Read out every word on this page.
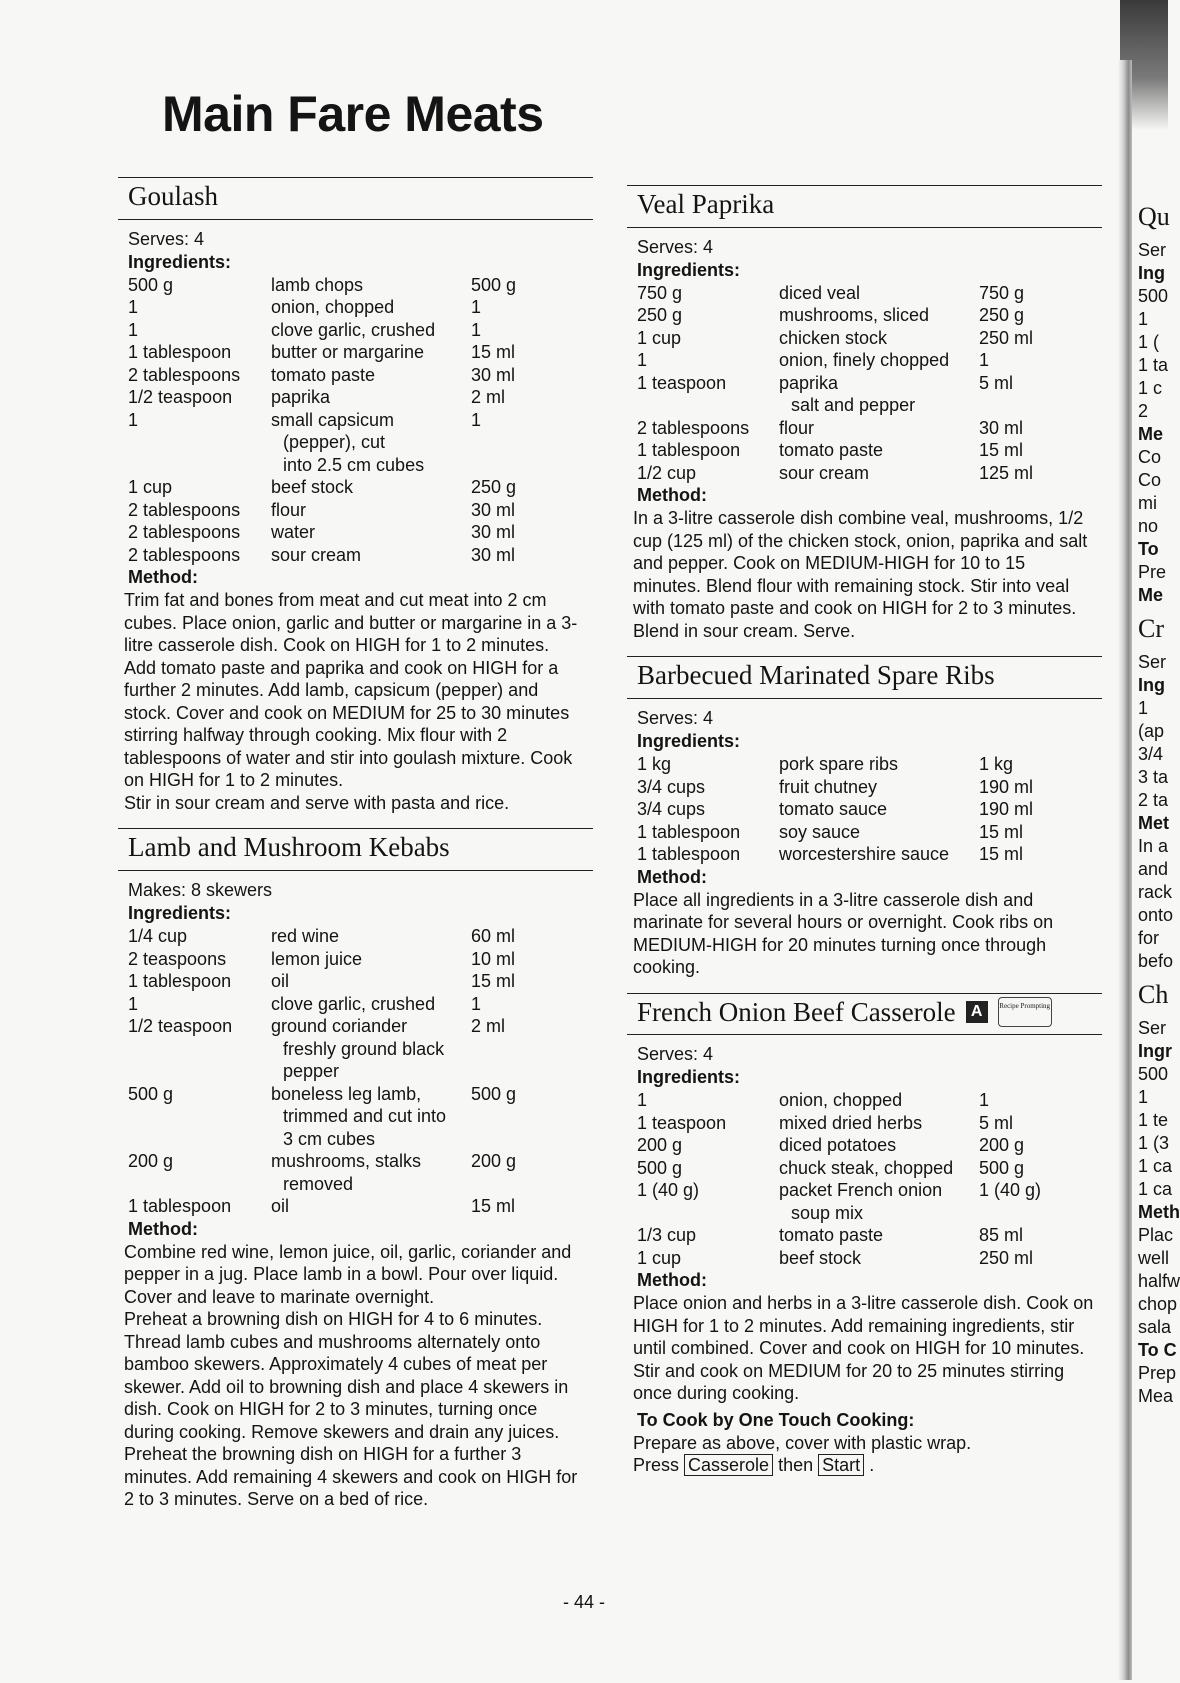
Main Fare Meats
Goulash
Serves: 4
Ingredients:
500 g	lamb chops	500 g
1	onion, chopped	1
1	clove garlic, crushed	1
1 tablespoon	butter or margarine	15 ml
2 tablespoons	tomato paste	30 ml
1/2 teaspoon	paprika	2 ml
1	small capsicum	1
(pepper), cut
into 2.5 cm cubes
1 cup	beef stock	250 g
2 tablespoons	flour	30 ml
2 tablespoons	water	30 ml
2 tablespoons	sour cream	30 ml
Method:

Trim fat and bones from meat and cut meat into 2 cm cubes. Place onion, garlic and butter or margarine in a 3-litre casserole dish. Cook on HIGH for 1 to 2 minutes. Add tomato paste and paprika and cook on HIGH for a further 2 minutes. Add lamb, capsicum (pepper) and stock. Cover and cook on MEDIUM for 25 to 30 minutes stirring halfway through cooking. Mix flour with 2 tablespoons of water and stir into goulash mixture. Cook on HIGH for 1 to 2 minutes.

Stir in sour cream and serve with pasta and rice.

Lamb and Mushroom Kebabs
Makes: 8 skewers
Ingredients:
1/4 cup	red wine	60 ml
2 teaspoons	lemon juice	10 ml
1 tablespoon	oil	15 ml
1	clove garlic, crushed	1
1/2 teaspoon	ground coriander	2 ml
freshly ground black
pepper
500 g	boneless leg lamb,	500 g
trimmed and cut into
3 cm cubes
200 g	mushrooms, stalks	200 g
removed
1 tablespoon	oil	15 ml
Method:

Combine red wine, lemon juice, oil, garlic, coriander and pepper in a jug. Place lamb in a bowl. Pour over liquid. Cover and leave to marinate overnight.

Preheat a browning dish on HIGH for 4 to 6 minutes. Thread lamb cubes and mushrooms alternately onto bamboo skewers. Approximately 4 cubes of meat per skewer. Add oil to browning dish and place 4 skewers in dish. Cook on HIGH for 2 to 3 minutes, turning once during cooking. Remove skewers and drain any juices. Preheat the browning dish on HIGH for a further 3 minutes. Add remaining 4 skewers and cook on HIGH for 2 to 3 minutes. Serve on a bed of rice.

Veal Paprika
Serves: 4
Ingredients:
750 g	diced veal	750 g
250 g	mushrooms, sliced	250 g
1 cup	chicken stock	250 ml
1	onion, finely chopped	1
1 teaspoon	paprika	5 ml
salt and pepper
2 tablespoons	flour	30 ml
1 tablespoon	tomato paste	15 ml
1/2 cup	sour cream	125 ml
Method:

In a 3-litre casserole dish combine veal, mushrooms, 1/2 cup (125 ml) of the chicken stock, onion, paprika and salt and pepper. Cook on MEDIUM-HIGH for 10 to 15 minutes. Blend flour with remaining stock. Stir into veal with tomato paste and cook on HIGH for 2 to 3 minutes. Blend in sour cream. Serve.

Barbecued Marinated Spare Ribs
Serves: 4
Ingredients:
1 kg	pork spare ribs	1 kg
3/4 cups	fruit chutney	190 ml
3/4 cups	tomato sauce	190 ml
1 tablespoon	soy sauce	15 ml
1 tablespoon	worcestershire sauce	15 ml
Method:

Place all ingredients in a 3-litre casserole dish and marinate for several hours or overnight. Cook ribs on MEDIUM-HIGH for 20 minutes turning once through cooking.

French Onion Beef Casserole A	Recipe Prompting
Serves: 4
Ingredients:
1	onion, chopped	1
1 teaspoon	mixed dried herbs	5 ml
200 g	diced potatoes	200 g
500 g	chuck steak, chopped	500 g
1 (40 g)	packet French onion	1 (40 g)
soup mix
1/3 cup	tomato paste	85 ml
1 cup	beef stock	250 ml
Method:

Place onion and herbs in a 3-litre casserole dish. Cook on HIGH for 1 to 2 minutes. Add remaining ingredients, stir until combined. Cover and cook on HIGH for 10 minutes. Stir and cook on MEDIUM for 20 to 25 minutes stirring once during cooking.

To Cook by One Touch Cooking:

Prepare as above, cover with plastic wrap.

Press Casserole then Start .

- 44 -
Qu
Ser
Ing
500
1
1 (
1 ta
1 c
2
Me
Co
Co
mi
no
To
Pre
Me
Cr
Ser
Ing
1
(ap
3/4
3 ta
2 ta
Met
In a
and
rack
onto
for
befo
Ch
Ser
Ingr
500
1
1 te
1 (3
1 ca
1 ca
Meth
Plac
well
halfw
chop
sala
To C
Prep
Mea
